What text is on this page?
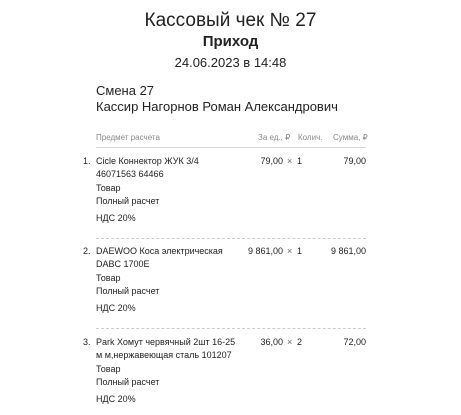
Кассовый чек № 27
Приход
24.06.2023 в 14:48
Смена 27
Кассир Нагорнов Роман Александрович
Предмет расчета	За ед., ₽ Колич. Сумма, ₽
1. Cicle Коннектор ЖУК 3/4 46071563 64466
79,00 × 1	79,00
Товар
Полный расчет
НДС 20%
2. DAEWOO Коса электрическая DABC 1700E
9 861,00 × 1	9 861,00
Товар
Полный расчет
НДС 20%
3. Park Хомут червячный 2шт 16-25 м м,нержавеющая сталь 101207
36,00 × 2	72,00
Товар
Полный расчет
НДС 20%
